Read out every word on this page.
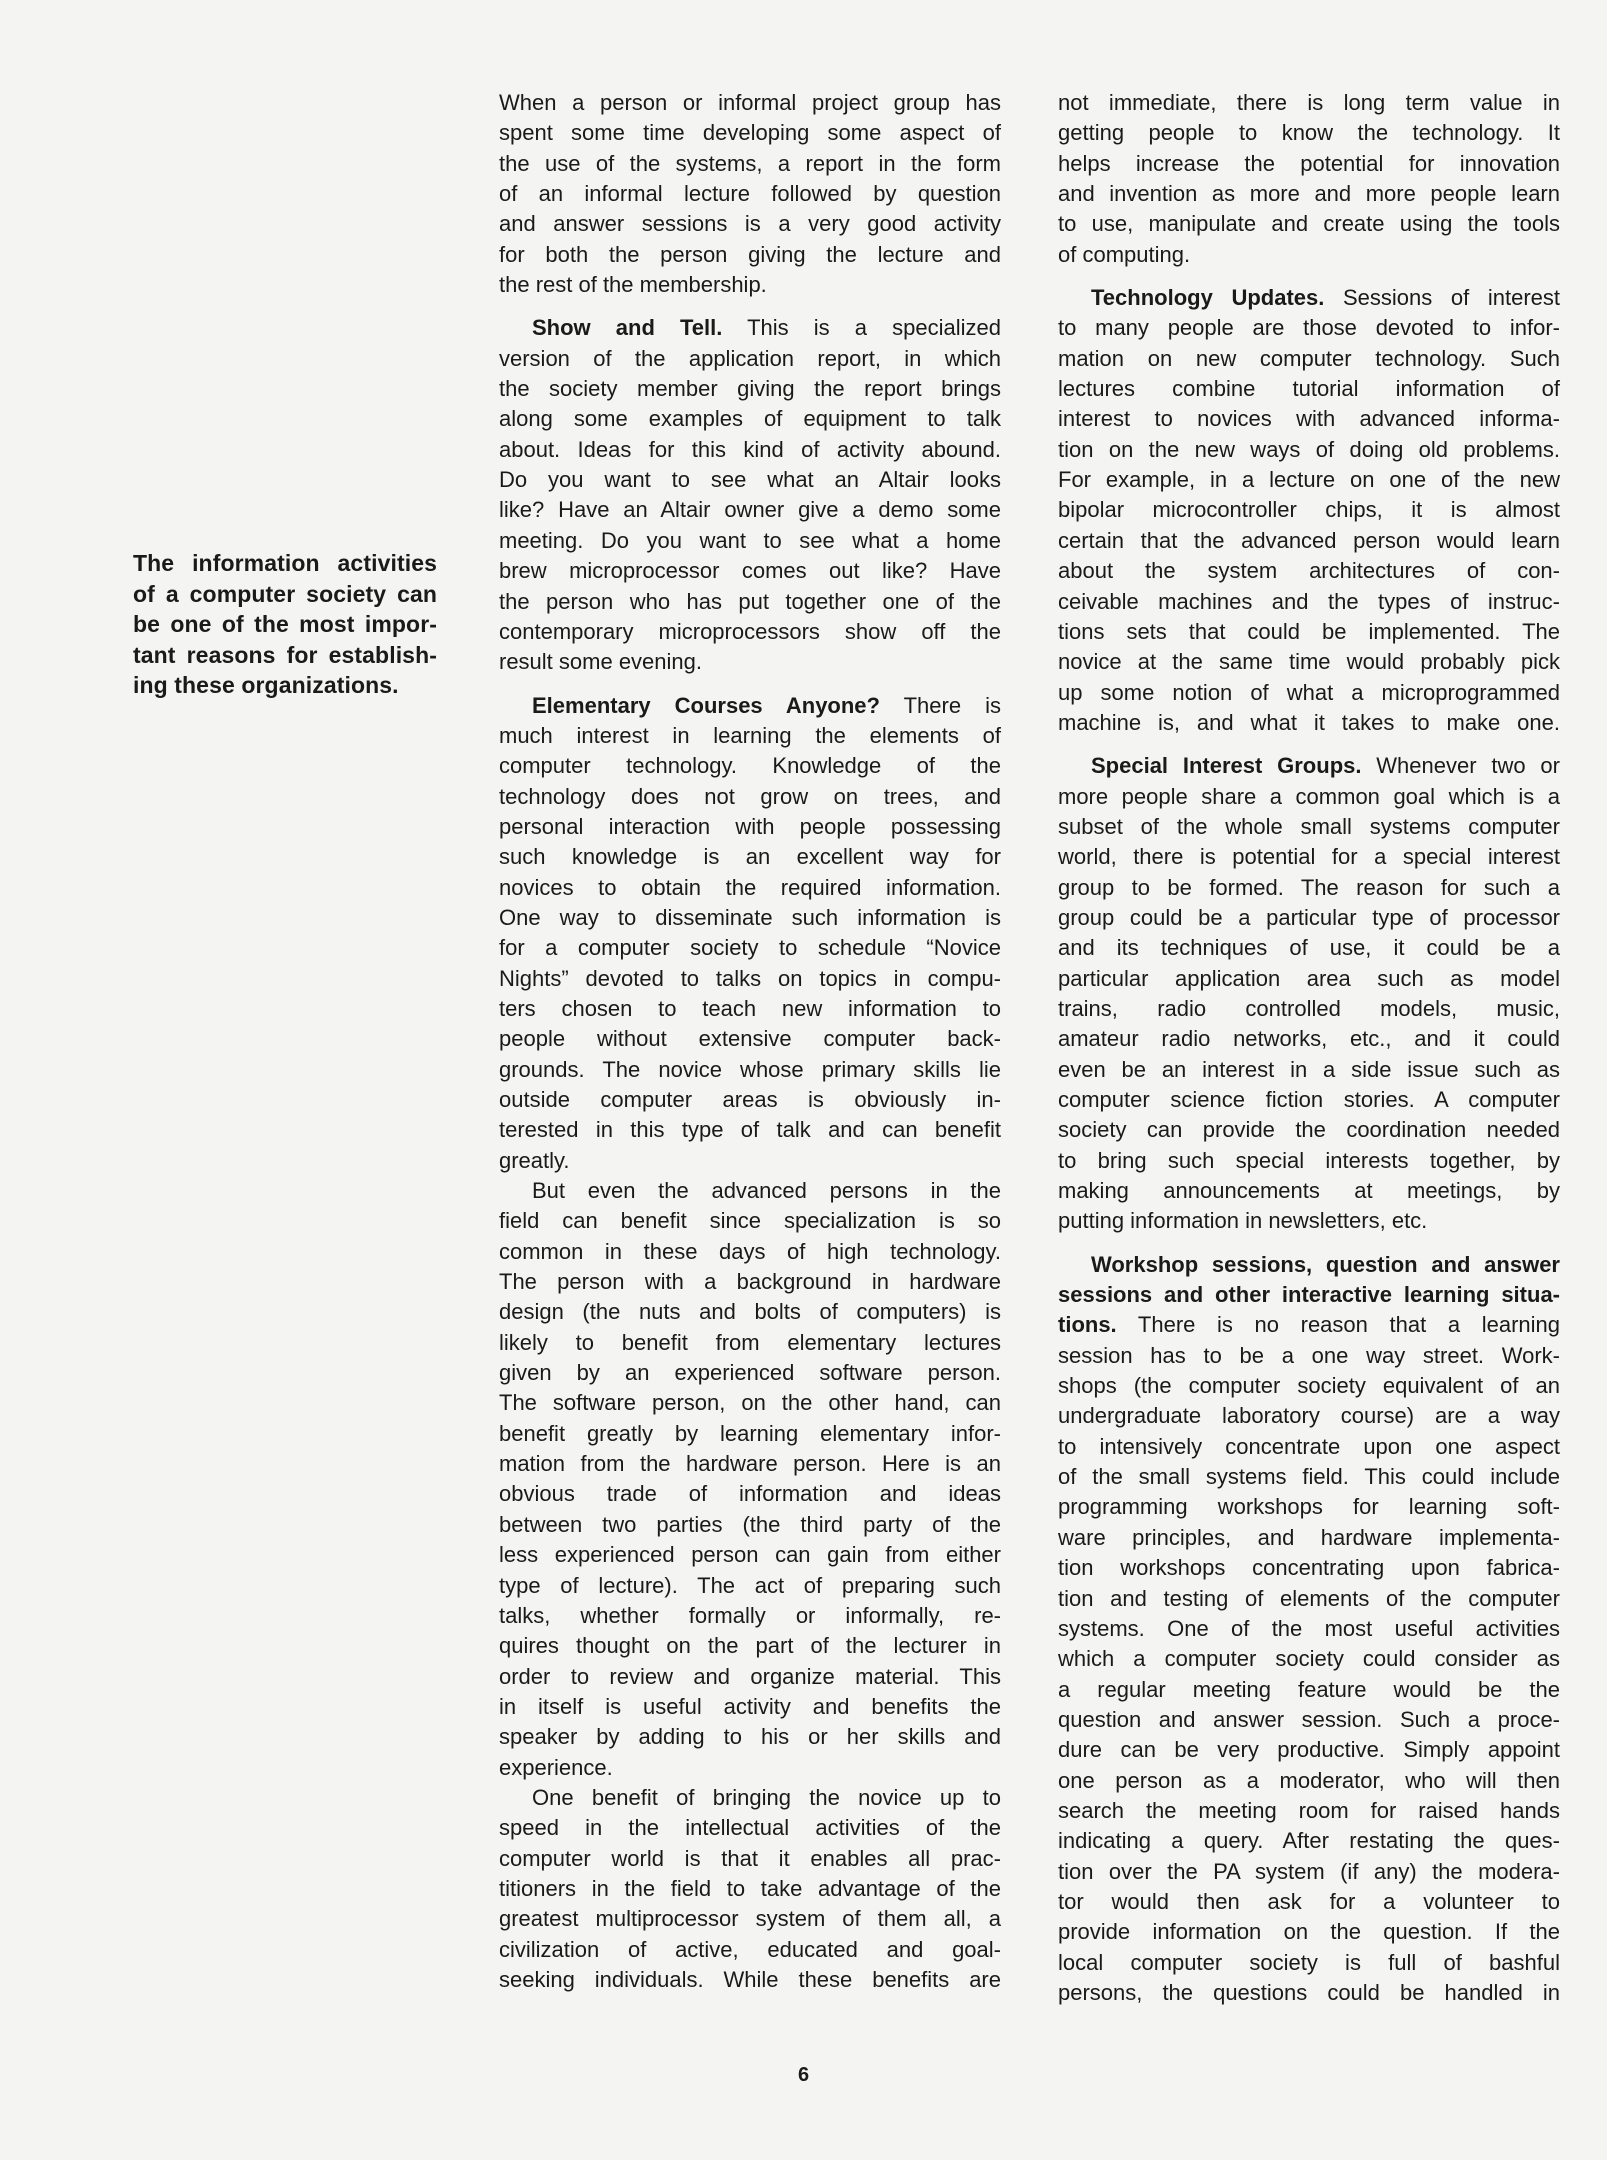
The information activities
of a computer society can
be one of the most impor-
tant reasons for establish-
ing these organizations.
When a person or informal project group has
spent some time developing some aspect of
the use of the systems, a report in the form
of an informal lecture followed by question
and answer sessions is a very good activity
for both the person giving the lecture and
the rest of the membership.
Show and Tell. This is a specialized
version of the application report, in which
the society member giving the report brings
along some examples of equipment to talk
about. Ideas for this kind of activity abound.
Do you want to see what an Altair looks
like? Have an Altair owner give a demo some
meeting. Do you want to see what a home
brew microprocessor comes out like? Have
the person who has put together one of the
contemporary microprocessors show off the
result some evening.
Elementary Courses Anyone? There is
much interest in learning the elements of
computer technology. Knowledge of the
technology does not grow on trees, and
personal interaction with people possessing
such knowledge is an excellent way for
novices to obtain the required information.
One way to disseminate such information is
for a computer society to schedule “Novice
Nights” devoted to talks on topics in compu-
ters chosen to teach new information to
people without extensive computer back-
grounds. The novice whose primary skills lie
outside computer areas is obviously in-
terested in this type of talk and can benefit
greatly.
But even the advanced persons in the
field can benefit since specialization is so
common in these days of high technology.
The person with a background in hardware
design (the nuts and bolts of computers) is
likely to benefit from elementary lectures
given by an experienced software person.
The software person, on the other hand, can
benefit greatly by learning elementary infor-
mation from the hardware person. Here is an
obvious trade of information and ideas
between two parties (the third party of the
less experienced person can gain from either
type of lecture). The act of preparing such
talks, whether formally or informally, re-
quires thought on the part of the lecturer in
order to review and organize material. This
in itself is useful activity and benefits the
speaker by adding to his or her skills and
experience.
One benefit of bringing the novice up to
speed in the intellectual activities of the
computer world is that it enables all prac-
titioners in the field to take advantage of the
greatest multiprocessor system of them all, a
civilization of active, educated and goal-
seeking individuals. While these benefits are
not immediate, there is long term value in
getting people to know the technology. It
helps increase the potential for innovation
and invention as more and more people learn
to use, manipulate and create using the tools
of computing.
Technology Updates. Sessions of interest
to many people are those devoted to infor-
mation on new computer technology. Such
lectures combine tutorial information of
interest to novices with advanced informa-
tion on the new ways of doing old problems.
For example, in a lecture on one of the new
bipolar microcontroller chips, it is almost
certain that the advanced person would learn
about the system architectures of con-
ceivable machines and the types of instruc-
tions sets that could be implemented. The
novice at the same time would probably pick
up some notion of what a microprogrammed
machine is, and what it takes to make one.
Special Interest Groups. Whenever two or
more people share a common goal which is a
subset of the whole small systems computer
world, there is potential for a special interest
group to be formed. The reason for such a
group could be a particular type of processor
and its techniques of use, it could be a
particular application area such as model
trains, radio controlled models, music,
amateur radio networks, etc., and it could
even be an interest in a side issue such as
computer science fiction stories. A computer
society can provide the coordination needed
to bring such special interests together, by
making announcements at meetings, by
putting information in newsletters, etc.
Workshop sessions, question and answer
sessions and other interactive learning situa-
tions. There is no reason that a learning
session has to be a one way street. Work-
shops (the computer society equivalent of an
undergraduate laboratory course) are a way
to intensively concentrate upon one aspect
of the small systems field. This could include
programming workshops for learning soft-
ware principles, and hardware implementa-
tion workshops concentrating upon fabrica-
tion and testing of elements of the computer
systems. One of the most useful activities
which a computer society could consider as
a regular meeting feature would be the
question and answer session. Such a proce-
dure can be very productive. Simply appoint
one person as a moderator, who will then
search the meeting room for raised hands
indicating a query. After restating the ques-
tion over the PA system (if any) the modera-
tor would then ask for a volunteer to
provide information on the question. If the
local computer society is full of bashful
persons, the questions could be handled in
6
